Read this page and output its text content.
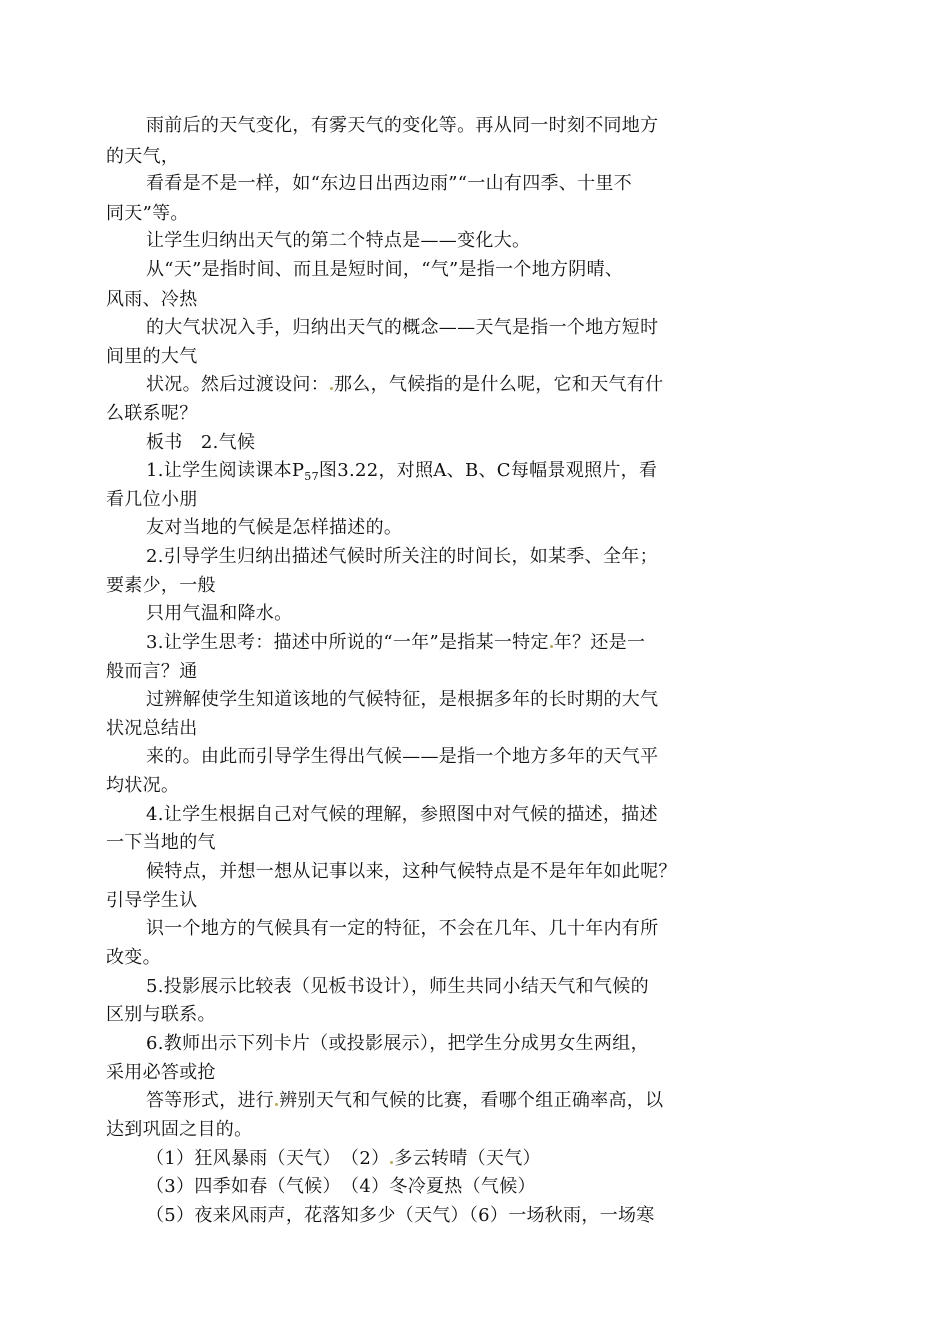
雨前后的天气变化，有雾天气的变化等。再从同一时刻不同地方
的天气，
看看是不是一样，如“东边日出西边雨”“一山有四季、十里不
同天”等。
让学生归纳出天气的第二个特点是——变化大。
从“天”是指时间、而且是短时间，“气”是指一个地方阴晴、
风雨、冷热
的大气状况入手，归纳出天气的概念——天气是指一个地方短时
间里的大气
状况。然后过渡设问： 那么，气候指的是什么呢，它和天气有什
么联系呢？
板书　2.气候
1.让学生阅读课本$P_{57}$图3.22，对照A、B、C每幅景观照片，看
看几位小朋
友对当地的气候是怎样描述的。
2.引导学生归纳出描述气候时所关注的时间长，如某季、全年；
要素少，一般
只用气温和降水。
3.让学生思考：描述中所说的“一年”是指某一特定 年？还是一
般而言？通
过辨解使学生知道该地的气候特征，是根据多年的长时期的大气
状况总结出
来的。由此而引导学生得出气候——是指一个地方多年的天气平
均状况。
4.让学生根据自己对气候的理解，参照图中对气候的描述，描述
一下当地的气
候特点，并想一想从记事以来，这种气候特点是不是年年如此呢？
引导学生认
识一个地方的气候具有一定的特征，不会在几年、几十年内有所
改变。
5.投影展示比较表（见板书设计），师生共同小结天气和气候的
区别与联系。
6.教师出示下列卡片（或投影展示），把学生分成男女生两组，
采用必答或抢
答等形式，进行 辨别天气和气候的比赛，看哪个组正确率高，以
达到巩固之目的。
（1）狂风暴雨（天气）　（2） 多云转晴（天气）
（3）四季如春（气候）　（4）冬冷夏热（气候）
（5）夜来风雨声，花落知多少（天气）（6）一场秋雨，一场寒
